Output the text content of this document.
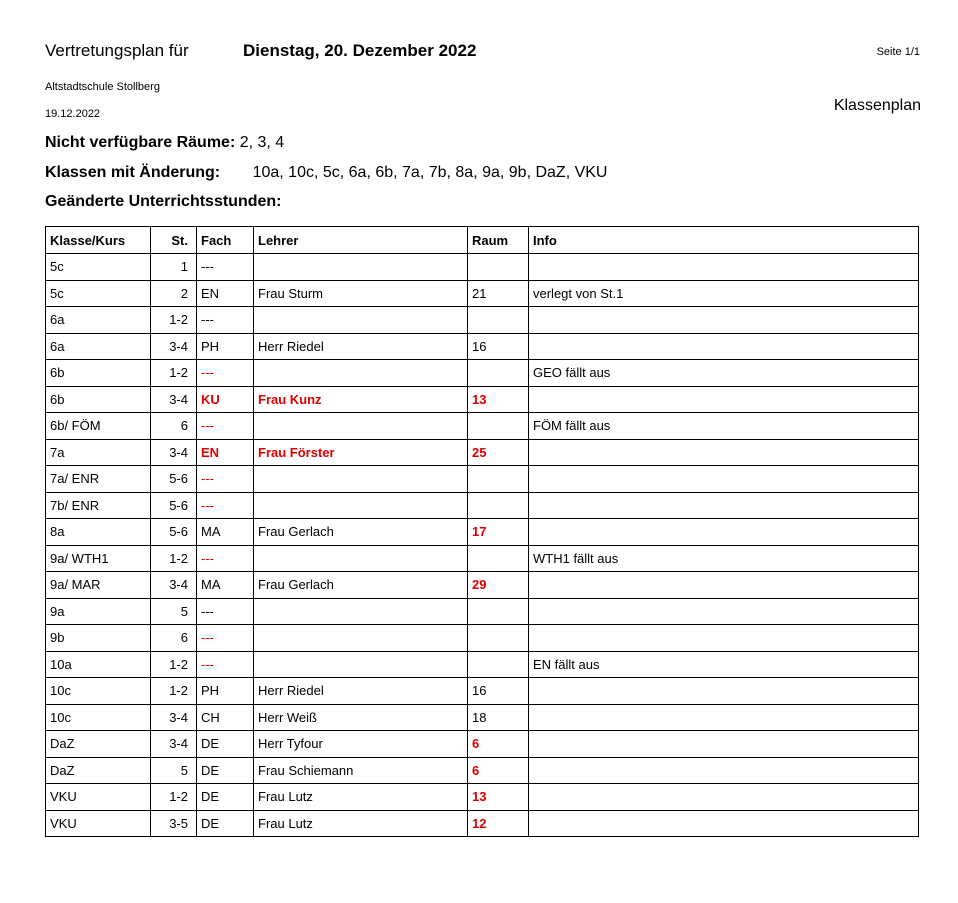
Vertretungsplan für	Dienstag, 20. Dezember 2022	Seite 1/1
Altstadtschule Stollberg
19.12.2022	Klassenplan
Nicht verfügbare Räume: 2, 3, 4
Klassen mit Änderung: 10a, 10c, 5c, 6a, 6b, 7a, 7b, 8a, 9a, 9b, DaZ, VKU
Geänderte Unterrichtsstunden:
Klasse/Kurs	St.	Fach	Lehrer	Raum	Info
5c	1	---			
5c	2	EN	Frau Sturm	21	verlegt von St.1
6a	1-2	---			
6a	3-4	PH	Herr Riedel	16	
6b	1-2	---			GEO fällt aus
6b	3-4	KU	Frau Kunz	13	
6b/ FÖM	6	---			FÖM fällt aus
7a	3-4	EN	Frau Förster	25	
7a/ ENR	5-6	---			
7b/ ENR	5-6	---			
8a	5-6	MA	Frau Gerlach	17	
9a/ WTH1	1-2	---			WTH1 fällt aus
9a/ MAR	3-4	MA	Frau Gerlach	29	
9a	5	---			
9b	6	---			
10a	1-2	---			EN fällt aus
10c	1-2	PH	Herr Riedel	16	
10c	3-4	CH	Herr Weiß	18	
DaZ	3-4	DE	Herr Tyfour	6	
DaZ	5	DE	Frau Schiemann	6	
VKU	1-2	DE	Frau Lutz	13	
VKU	3-5	DE	Frau Lutz	12	
